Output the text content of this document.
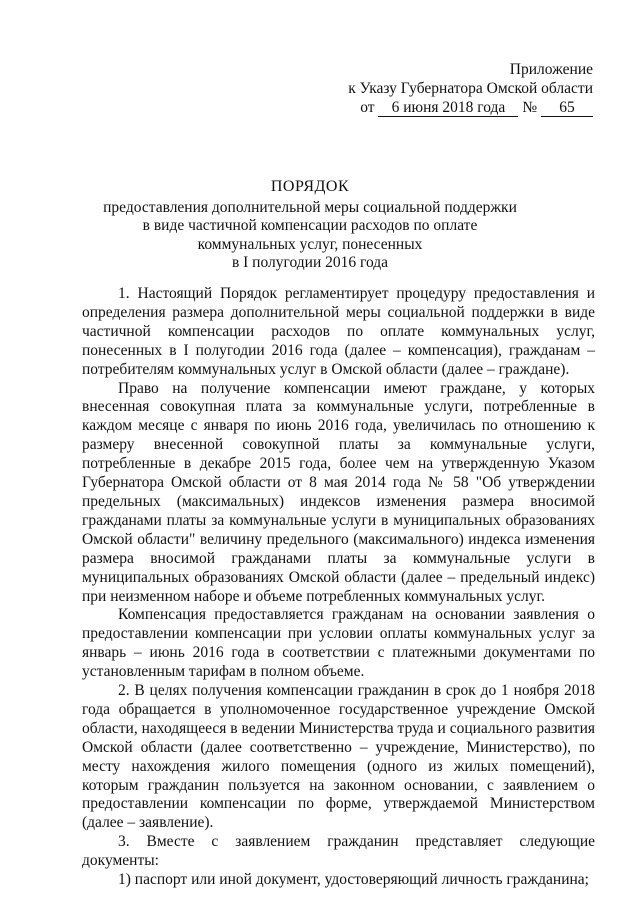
Приложение
к Указу Губернатора Омской области
от 6 июня 2018 года № 65
ПОРЯДОК
предоставления дополнительной меры социальной поддержки
в виде частичной компенсации расходов по оплате
коммунальных услуг, понесенных
в I полугодии 2016 года

1. Настоящий Порядок регламентирует процедуру предоставления и определения размера дополнительной меры социальной поддержки в виде частичной компенсации расходов по оплате коммунальных услуг, понесенных в I полугодии 2016 года (далее – компенсация), гражданам – потребителям коммунальных услуг в Омской области (далее – граждане).

Право на получение компенсации имеют граждане, у которых внесенная совокупная плата за коммунальные услуги, потребленные в каждом месяце с января по июнь 2016 года, увеличилась по отношению к размеру внесенной совокупной платы за коммунальные услуги, потребленные в декабре 2015 года, более чем на утвержденную Указом Губернатора Омской области от 8 мая 2014 года № 58 "Об утверждении предельных (максимальных) индексов изменения размера вносимой гражданами платы за коммунальные услуги в муниципальных образованиях Омской области" величину предельного (максимального) индекса изменения размера вносимой гражданами платы за коммунальные услуги в муниципальных образованиях Омской области (далее – предельный индекс) при неизменном наборе и объеме потребленных коммунальных услуг.

Компенсация предоставляется гражданам на основании заявления о предоставлении компенсации при условии оплаты коммунальных услуг за январь – июнь 2016 года в соответствии с платежными документами по установленным тарифам в полном объеме.

2. В целях получения компенсации гражданин в срок до 1 ноября 2018 года обращается в уполномоченное государственное учреждение Омской области, находящееся в ведении Министерства труда и социального развития Омской области (далее соответственно – учреждение, Министерство), по месту нахождения жилого помещения (одного из жилых помещений), которым гражданин пользуется на законном основании, с заявлением о предоставлении компенсации по форме, утверждаемой Министерством (далее – заявление).

3. Вместе с заявлением гражданин представляет следующие документы:

1) паспорт или иной документ, удостоверяющий личность гражданина;
